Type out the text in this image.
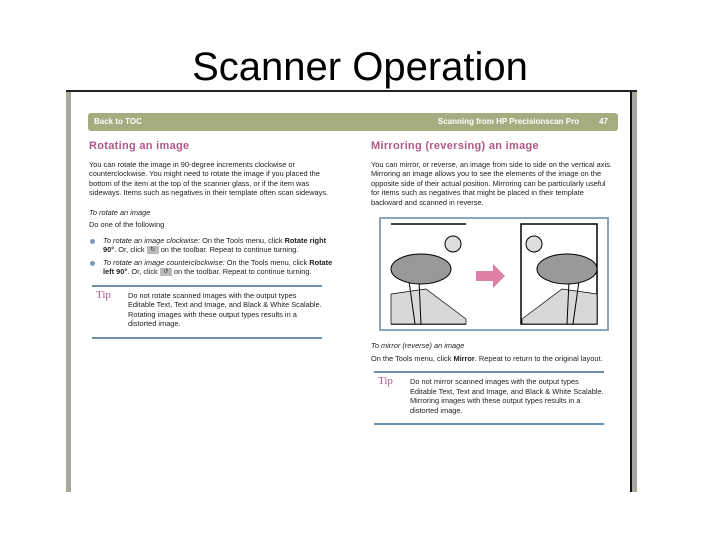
Scanner Operation
Back to TOC	Scanning from HP Precisionscan Pro	47
Rotating an image

You can rotate the image in 90-degree increments clockwise or counterclockwise. You might need to rotate the image if you placed the bottom of the item at the top of the scanner glass, or if the item was sideways. Items such as negatives in their template often scan sideways.

To rotate an image

Do one of the following

To rotate an image clockwise: On the Tools menu, click Rotate right 90°. Or, click ↻ on the toolbar. Repeat to continue turning.
To rotate an image counterclockwise: On the Tools menu, click Rotate left 90°. Or, click ↺ on the toolbar. Repeat to continue turning.
Tip	Do not rotate scanned images with the output types Editable Text, Text and Image, and Black & White Scalable. Rotating images with these output types results in a distorted image.
Mirroring (reversing) an image

You can mirror, or reverse, an image from side to side on the vertical axis. Mirroring an image allows you to see the elements of the image on the opposite side of their actual position. Mirroring can be particularly useful for items such as negatives that might be placed in their template backward and scanned in reverse.

To mirror (reverse) an image

On the Tools menu, click Mirror. Repeat to return to the original layout.

Tip	Do not mirror scanned images with the output types Editable Text, Text and Image, and Black & White Scalable. Mirroring images with these output types results in a distorted image.
